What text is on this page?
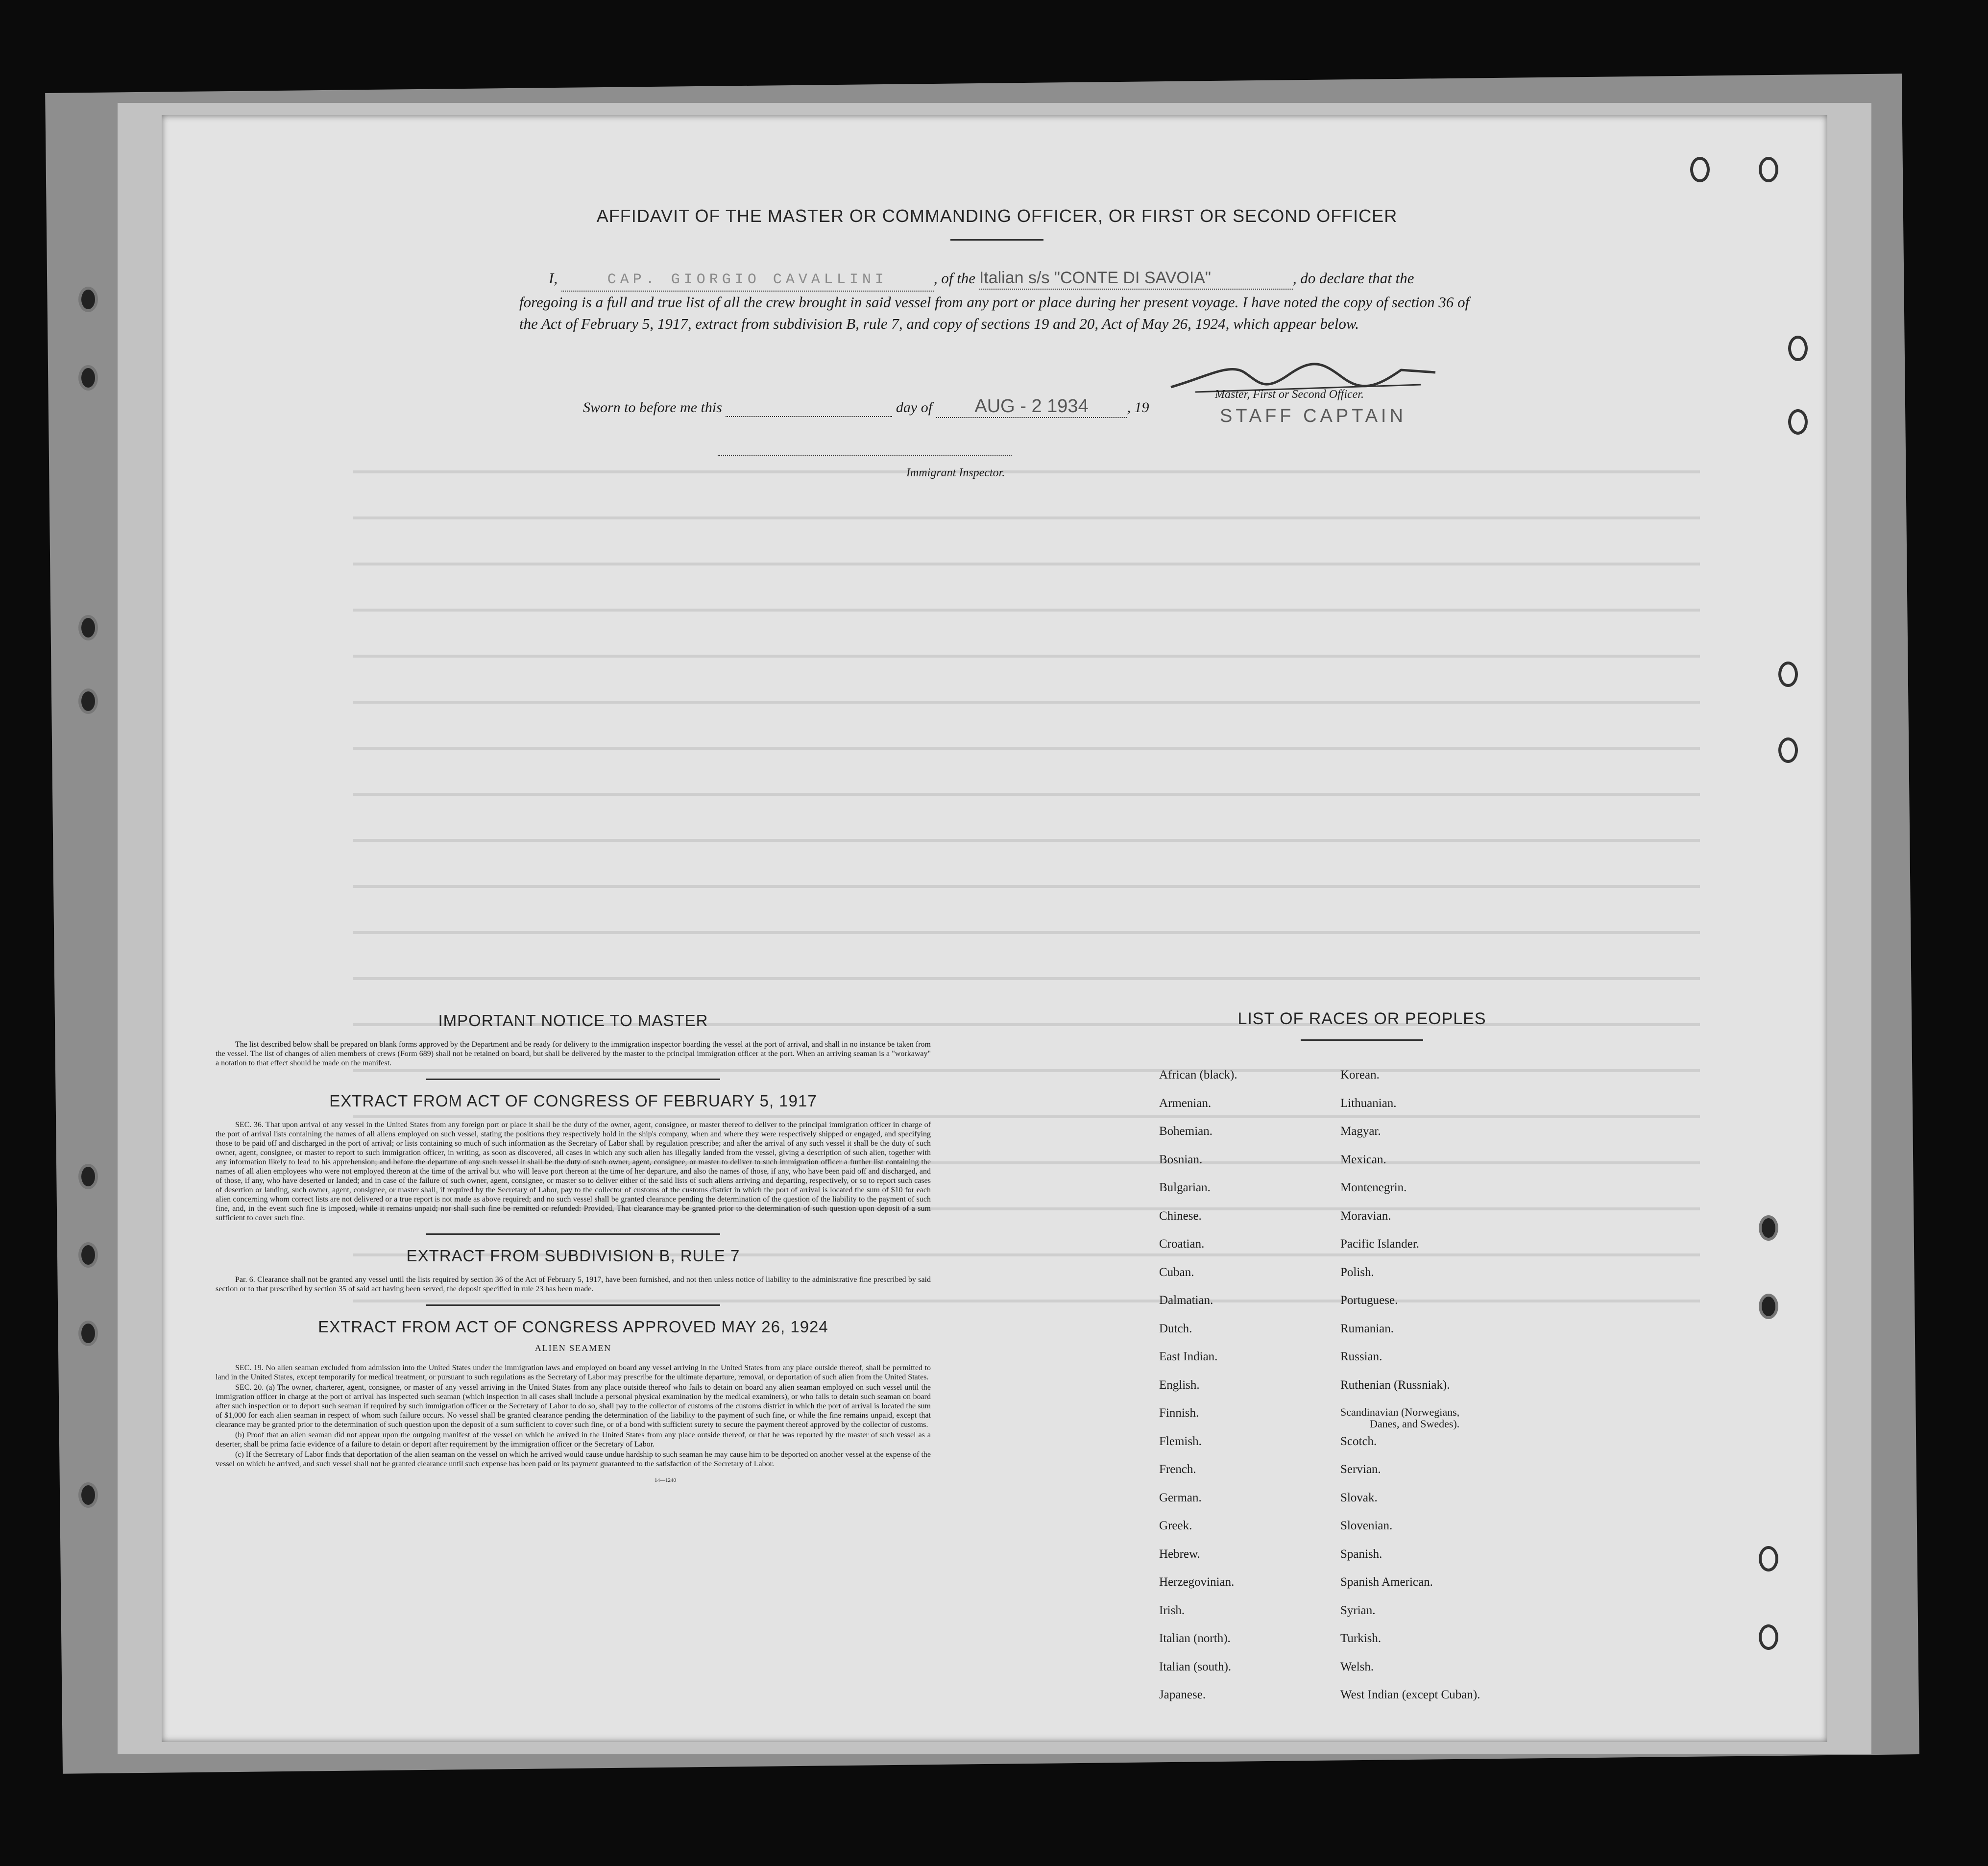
AFFIDAVIT OF THE MASTER OR COMMANDING OFFICER, OR FIRST OR SECOND OFFICER

I,	CAP. GIORGIO CAVALLINI	, of the Italian s/s "CONTE DI SAVOIA"	, do declare that the foregoing is a full and true list of all the crew brought in said vessel from any port or place during her present voyage. I have noted the copy of section 36 of the Act of February 5, 1917, extract from subdivision B, rule 7, and copy of sections 19 and 20, Act of May 26, 1924, which appear below.

Sworn to before me this	day of AUG - 2 1934	, 19
Master, First or Second Officer.
STAFF CAPTAIN
Immigrant Inspector.
IMPORTANT NOTICE TO MASTER

The list described below shall be prepared on blank forms approved by the Department and be ready for delivery to the immigration inspector boarding the vessel at the port of arrival, and shall in no instance be taken from the vessel. The list of changes of alien members of crews (Form 689) shall not be retained on board, but shall be delivered by the master to the principal immigration officer at the port. When an arriving seaman is a "workaway" a notation to that effect should be made on the manifest.

EXTRACT FROM ACT OF CONGRESS OF FEBRUARY 5, 1917

SEC. 36. That upon arrival of any vessel in the United States from any foreign port or place it shall be the duty of the owner, agent, consignee, or master thereof to deliver to the principal immigration officer in charge of the port of arrival lists containing the names of all aliens employed on such vessel, stating the positions they respectively hold in the ship's company, when and where they were respectively shipped or engaged, and specifying those to be paid off and discharged in the port of arrival; or lists containing so much of such information as the Secretary of Labor shall by regulation prescribe; and after the arrival of any such vessel it shall be the duty of such owner, agent, consignee, or master to report to such immigration officer, in writing, as soon as discovered, all cases in which any such alien has illegally landed from the vessel, giving a description of such alien, together with any information likely to lead to his apprehension; and before the departure of any such vessel it shall be the duty of such owner, agent, consignee, or master to deliver to such immigration officer a further list containing the names of all alien employees who were not employed thereon at the time of the arrival but who will leave port thereon at the time of her departure, and also the names of those, if any, who have been paid off and discharged, and of those, if any, who have deserted or landed; and in case of the failure of such owner, agent, consignee, or master so to deliver either of the said lists of such aliens arriving and departing, respectively, or so to report such cases of desertion or landing, such owner, agent, consignee, or master shall, if required by the Secretary of Labor, pay to the collector of customs of the customs district in which the port of arrival is located the sum of $10 for each alien concerning whom correct lists are not delivered or a true report is not made as above required; and no such vessel shall be granted clearance pending the determination of the question of the liability to the payment of such fine, and, in the event such fine is imposed, while it remains unpaid; nor shall such fine be remitted or refunded: Provided, That clearance may be granted prior to the determination of such question upon deposit of a sum sufficient to cover such fine.

EXTRACT FROM SUBDIVISION B, RULE 7

Par. 6. Clearance shall not be granted any vessel until the lists required by section 36 of the Act of February 5, 1917, have been furnished, and not then unless notice of liability to the administrative fine prescribed by said section or to that prescribed by section 35 of said act having been served, the deposit specified in rule 23 has been made.

EXTRACT FROM ACT OF CONGRESS APPROVED MAY 26, 1924
ALIEN SEAMEN

SEC. 19. No alien seaman excluded from admission into the United States under the immigration laws and employed on board any vessel arriving in the United States from any place outside thereof, shall be permitted to land in the United States, except temporarily for medical treatment, or pursuant to such regulations as the Secretary of Labor may prescribe for the ultimate departure, removal, or deportation of such alien from the United States.

SEC. 20. (a) The owner, charterer, agent, consignee, or master of any vessel arriving in the United States from any place outside thereof who fails to detain on board any alien seaman employed on such vessel until the immigration officer in charge at the port of arrival has inspected such seaman (which inspection in all cases shall include a personal physical examination by the medical examiners), or who fails to detain such seaman on board after such inspection or to deport such seaman if required by such immigration officer or the Secretary of Labor to do so, shall pay to the collector of customs of the customs district in which the port of arrival is located the sum of $1,000 for each alien seaman in respect of whom such failure occurs. No vessel shall be granted clearance pending the determination of the liability to the payment of such fine, or while the fine remains unpaid, except that clearance may be granted prior to the determination of such question upon the deposit of a sum sufficient to cover such fine, or of a bond with sufficient surety to secure the payment thereof approved by the collector of customs.

(b) Proof that an alien seaman did not appear upon the outgoing manifest of the vessel on which he arrived in the United States from any place outside thereof, or that he was reported by the master of such vessel as a deserter, shall be prima facie evidence of a failure to detain or deport after requirement by the immigration officer or the Secretary of Labor.

(c) If the Secretary of Labor finds that deportation of the alien seaman on the vessel on which he arrived would cause undue hardship to such seaman he may cause him to be deported on another vessel at the expense of the vessel on which he arrived, and such vessel shall not be granted clearance until such expense has been paid or its payment guaranteed to the satisfaction of the Secretary of Labor.

14—1240
LIST OF RACES OR PEOPLES
African (black).	Korean.
Armenian.	Lithuanian.
Bohemian.	Magyar.
Bosnian.	Mexican.
Bulgarian.	Montenegrin.
Chinese.	Moravian.
Croatian.	Pacific Islander.
Cuban.	Polish.
Dalmatian.	Portuguese.
Dutch.	Rumanian.
East Indian.	Russian.
English.	Ruthenian (Russniak).
Finnish.	Scandinavian (Norwegians,
Danes, and Swedes).
Flemish.	Scotch.
French.	Servian.
German.	Slovak.
Greek.	Slovenian.
Hebrew.	Spanish.
Herzegovinian.	Spanish American.
Irish.	Syrian.
Italian (north).	Turkish.
Italian (south).	Welsh.
Japanese.	West Indian (except Cuban).
